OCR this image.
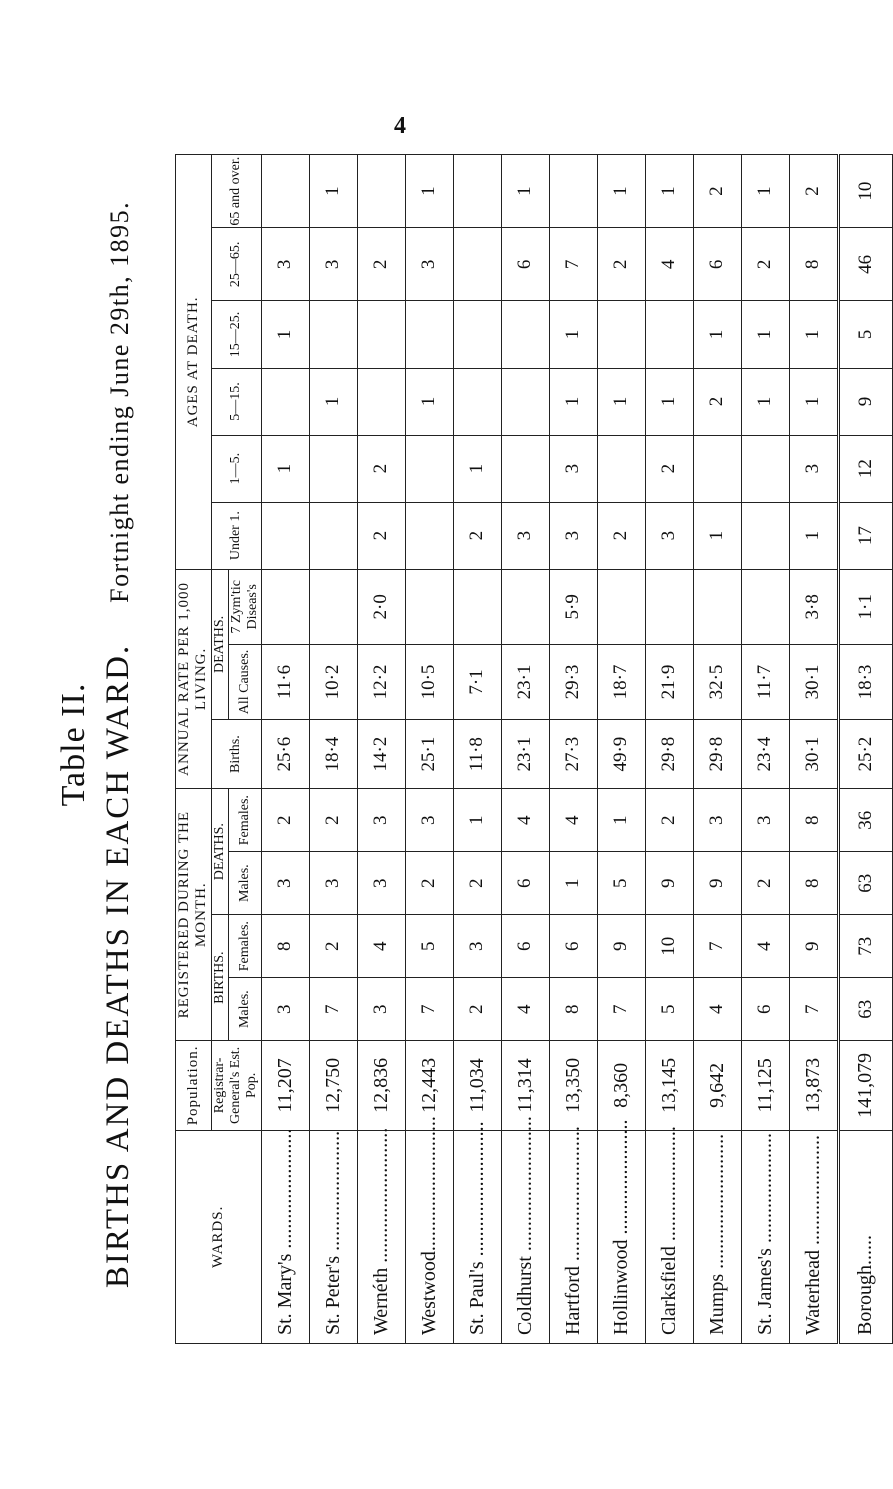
4
Table II. BIRTHS AND DEATHS IN EACH WARD.    Fortnight ending June 29th, 1895.
WARDS.	Population.	REGISTERED DURING THE MONTH.				ANNUAL RATE PER 1,000 LIVING.			AGES AT DEATH.					
	Registrar-General's Est. Pop.	BIRTHS.		DEATHS.		Births.	DEATHS.		Under 1.	1—5.	5—15.	15—25.	25—65.	65 and over.
		Males.	Females.	Males.	Females.		All Causes.	7 Zym'tic Diseas's						
St. Mary's ........................	11,207	3	8	3	2	25·6	11·6			1		1	3	
St. Peter's ........................	12,750	7	2	3	2	18·4	10·2				1		3	1
Wernéth ...........................	12,836	3	4	3	3	14·2	12·2	2·0	2	2			2	
Westwood...........................	12,443	7	5	2	3	25·1	10·5				1		3	1
St. Paul's ...........................	11,034	2	3	2	1	11·8	7·1		2	1				
Coldhurst ...........................	11,314	4	6	6	4	23·1	23·1		3				6	1
Hartford ...........................	13,350	8	6	1	4	27·3	29·3	5·9	3	3	1	1	7	
Hollinwood .......................	8,360	7	9	5	1	49·9	18·7		2		1		2	1
Clarksfield .......................	13,145	5	10	9	2	29·8	21·9		3	2	1		4	1
Mumps ...........................	9,642	4	7	9	3	29·8	32·5		1		2	1	6	2
St. James's ......................	11,125	6	4	2	3	23·4	11·7				1	1	2	1
Waterhead ......................	13,873	7	9	8	8	30·1	30·1	3·8	1	3	1	1	8	2
Borough......	141,079	63	73	63	36	25·2	18·3	1·1	17	12	9	5	46	10
